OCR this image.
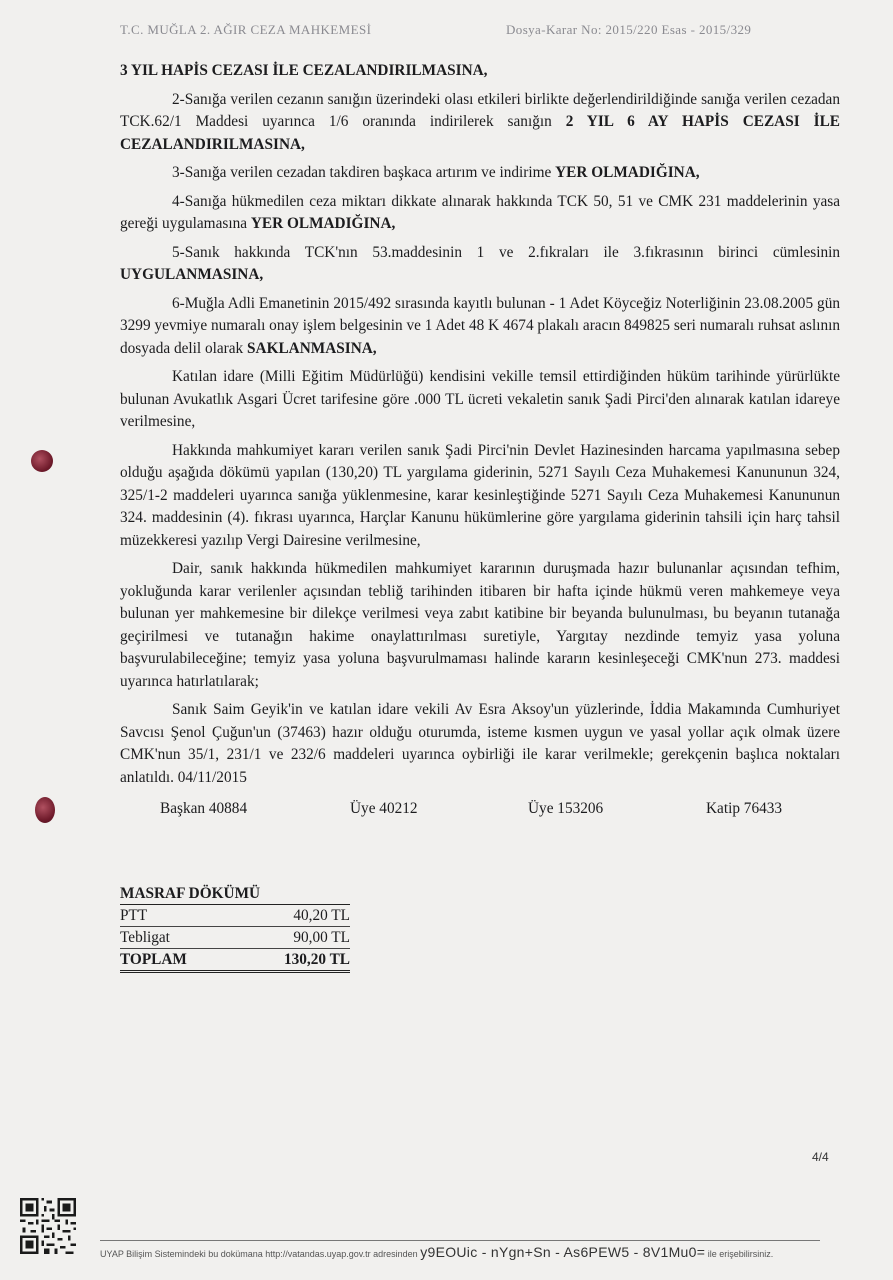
T.C. MUĞLA 2. AĞIR CEZA MAHKEMESİ	Dosya-Karar No: 2015/220 Esas - 2015/329

3 YIL HAPİS CEZASI İLE CEZALANDIRILMASINA,

2-Sanığa verilen cezanın sanığın üzerindeki olası etkileri birlikte değerlendirildiğinde sanığa verilen cezadan TCK.62/1 Maddesi uyarınca 1/6 oranında indirilerek sanığın 2 YIL 6 AY HAPİS CEZASI İLE CEZALANDIRILMASINA,

3-Sanığa verilen cezadan takdiren başkaca artırım ve indirime YER OLMADIĞINA,

4-Sanığa hükmedilen ceza miktarı dikkate alınarak hakkında TCK 50, 51 ve CMK 231 maddelerinin yasa gereği uygulamasına YER OLMADIĞINA,

5-Sanık hakkında TCK'nın 53.maddesinin 1 ve 2.fıkraları ile 3.fıkrasının birinci cümlesinin UYGULANMASINA,

6-Muğla Adli Emanetinin 2015/492 sırasında kayıtlı bulunan - 1 Adet Köyceğiz Noterliğinin 23.08.2005 gün 3299 yevmiye numaralı onay işlem belgesinin ve 1 Adet 48 K 4674 plakalı aracın 849825 seri numaralı ruhsat aslının dosyada delil olarak SAKLANMASINA,

Katılan idare (Milli Eğitim Müdürlüğü) kendisini vekille temsil ettirdiğinden hüküm tarihinde yürürlükte bulunan Avukatlık Asgari Ücret tarifesine göre .000 TL ücreti vekaletin sanık Şadi Pirci'den alınarak katılan idareye verilmesine,

Hakkında mahkumiyet kararı verilen sanık Şadi Pirci'nin Devlet Hazinesinden harcama yapılmasına sebep olduğu aşağıda dökümü yapılan (130,20) TL yargılama giderinin, 5271 Sayılı Ceza Muhakemesi Kanununun 324, 325/1-2 maddeleri uyarınca sanığa yüklenmesine, karar kesinleştiğinde 5271 Sayılı Ceza Muhakemesi Kanununun 324. maddesinin (4). fıkrası uyarınca, Harçlar Kanunu hükümlerine göre yargılama giderinin tahsili için harç tahsil müzekkeresi yazılıp Vergi Dairesine verilmesine,

Dair, sanık hakkında hükmedilen mahkumiyet kararının duruşmada hazır bulunanlar açısından tefhim, yokluğunda karar verilenler açısından tebliğ tarihinden itibaren bir hafta içinde hükmü veren mahkemeye veya bulunan yer mahkemesine bir dilekçe verilmesi veya zabıt katibine bir beyanda bulunulması, bu beyanın tutanağa geçirilmesi ve tutanağın hakime onaylattırılması suretiyle, Yargıtay nezdinde temyiz yasa yoluna başvurulabileceğine; temyiz yasa yoluna başvurulmaması halinde kararın kesinleşeceği CMK'nun 273. maddesi uyarınca hatırlatılarak;

Sanık Saim Geyik'in ve katılan idare vekili Av Esra Aksoy'un yüzlerinde, İddia Makamında Cumhuriyet Savcısı Şenol Çuğun'un (37463) hazır olduğu oturumda, isteme kısmen uygun ve yasal yollar açık olmak üzere CMK'nun 35/1, 231/1 ve 232/6 maddeleri uyarınca oybirliği ile karar verilmekle; gerekçenin başlıca noktaları anlatıldı. 04/11/2015

Başkan 40884	Üye 40212	Üye 153206	Katip 76433
MASRAF DÖKÜMÜ
PTT	40,20 TL
Tebligat	90,00 TL
TOPLAM	130,20 TL
4/4
UYAP Bilişim Sistemindeki bu dokümana http://vatandas.uyap.gov.tr adresinden y9EOUic - nYgn+Sn - As6PEW5 - 8V1Mu0= ile erişebilirsiniz.
